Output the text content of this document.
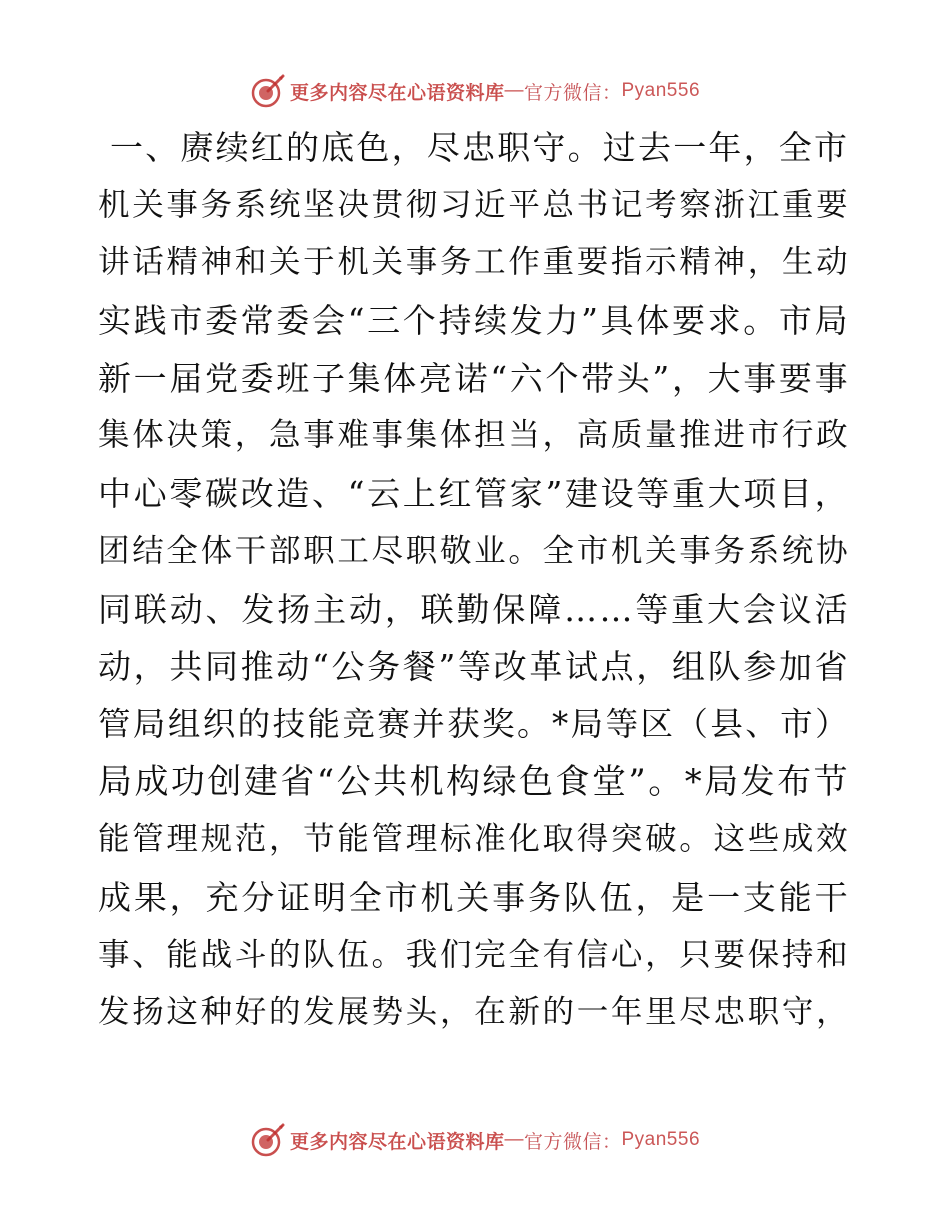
更多内容尽在心语资料库 — 官方微信： Pyan556
一、赓续红的底色，尽忠职守。过去一年，全市
机关事务系统坚决贯彻习近平总书记考察浙江重要
讲话精神和关于机关事务工作重要指示精神，生动
实践市委常委会“三个持续发力”具体要求。市局
新一届党委班子集体亮诺“六个带头”，大事要事
集体决策，急事难事集体担当，高质量推进市行政
中心零碳改造、“云上红管家”建设等重大项目，
团结全体干部职工尽职敬业。全市机关事务系统协
同联动、发扬主动，联勤保障……等重大会议活
动，共同推动“公务餐”等改革试点，组队参加省
管局组织的技能竞赛并获奖。*局等区（县、市）
局成功创建省“公共机构绿色食堂”。*局发布节
能管理规范，节能管理标准化取得突破。这些成效
成果，充分证明全市机关事务队伍，是一支能干
事、能战斗的队伍。我们完全有信心，只要保持和
发扬这种好的发展势头，在新的一年里尽忠职守，
更多内容尽在心语资料库 — 官方微信： Pyan556
